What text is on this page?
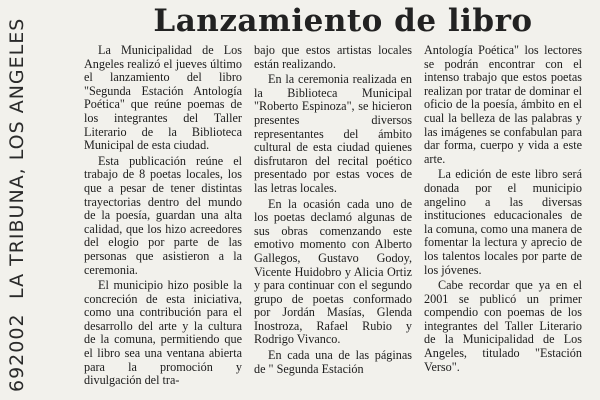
Lanzamiento de libro
692002 LA TRIBUNA, LOS ANGELES	La Municipalidad de Los Angeles realizó el jueves último el lanzamiento del libro "Segunda Estación Antología Poética" que reúne poemas de los integrantes del Taller Literario de la Biblioteca Municipal de esta ciudad.

Esta publicación reúne el trabajo de 8 poetas locales, los que a pesar de tener distintas trayectorias dentro del mundo de la poesía, guardan una alta calidad, que los hizo acreedores del elogio por parte de las personas que asistieron a la ceremonia.

El municipio hizo posible la concreción de esta iniciativa, como una contribución para el desarrollo del arte y la cultura de la comuna, permitiendo que el libro sea una ventana abierta para la promoción y divulgación del tra-

bajo que estos artistas locales están realizando.

En la ceremonia realizada en la Biblioteca Municipal "Roberto Espinoza", se hicieron presentes diversos representantes del ámbito cultural de esta ciudad quienes disfrutaron del recital poético presentado por estas voces de las letras locales.

En la ocasión cada uno de los poetas declamó algunas de sus obras comenzando este emotivo momento con Alberto Gallegos, Gustavo Godoy, Vicente Huidobro y Alicia Ortiz y para continuar con el segundo grupo de poetas conformado por Jordán Masías, Glenda Inostroza, Rafael Rubio y Rodrigo Vivanco.

En cada una de las páginas de " Segunda Estación

Antología Poética" los lectores se podrán encontrar con el intenso trabajo que estos poetas realizan por tratar de dominar el oficio de la poesía, ámbito en el cual la belleza de las palabras y las imágenes se confabulan para dar forma, cuerpo y vida a este arte.

La edición de este libro será donada por el municipio angelino a las diversas instituciones educacionales de la comuna, como una manera de fomentar la lectura y aprecio de los talentos locales por parte de los jóvenes.

Cabe recordar que ya en el 2001 se publicó un primer compendio con poemas de los integrantes del Taller Literario de la Municipalidad de Los Angeles, titulado "Estación Verso".
